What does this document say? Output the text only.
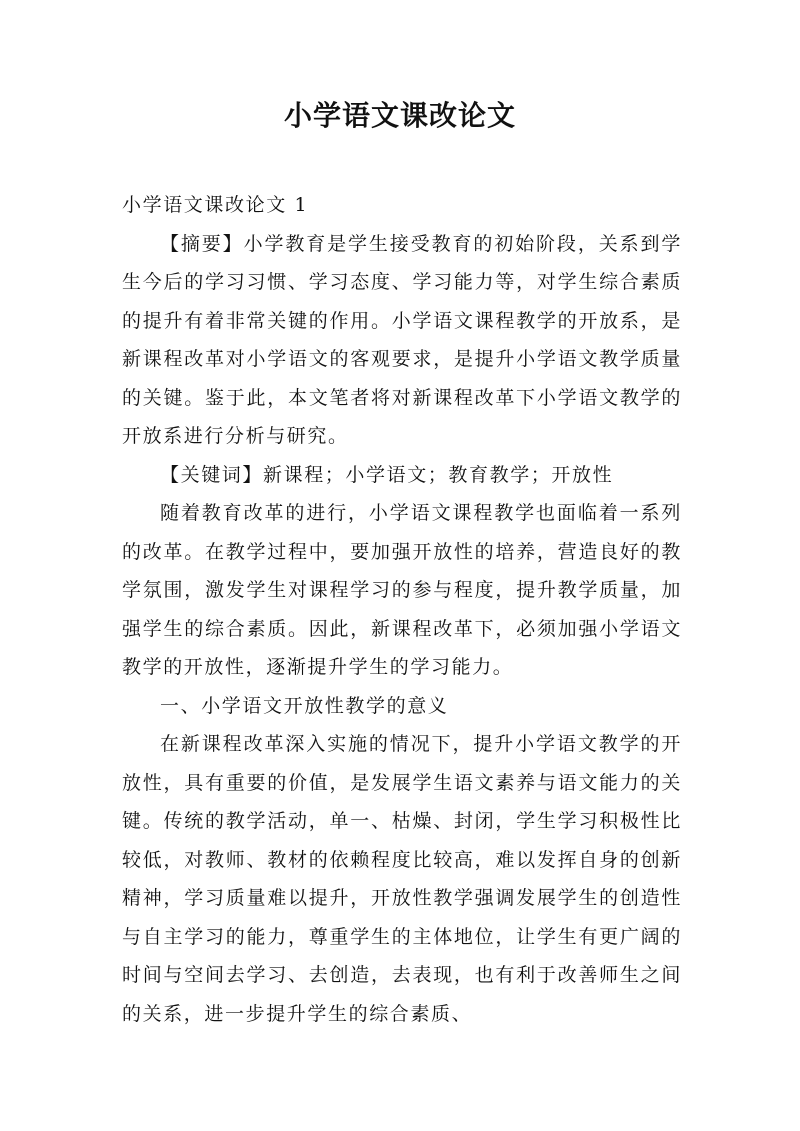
小学语文课改论文

小学语文课改论文 1

【摘要】小学教育是学生接受教育的初始阶段，关系到学生今后的学习习惯、学习态度、学习能力等，对学生综合素质的提升有着非常关键的作用。小学语文课程教学的开放系，是新课程改革对小学语文的客观要求，是提升小学语文教学质量的关键。鉴于此，本文笔者将对新课程改革下小学语文教学的开放系进行分析与研究。

【关键词】新课程；小学语文；教育教学；开放性

随着教育改革的进行，小学语文课程教学也面临着一系列的改革。在教学过程中，要加强开放性的培养，营造良好的教学氛围，激发学生对课程学习的参与程度，提升教学质量，加强学生的综合素质。因此，新课程改革下，必须加强小学语文教学的开放性，逐渐提升学生的学习能力。

一、小学语文开放性教学的意义

在新课程改革深入实施的情况下，提升小学语文教学的开放性，具有重要的价值，是发展学生语文素养与语文能力的关键。传统的教学活动，单一、枯燥、封闭，学生学习积极性比较低，对教师、教材的依赖程度比较高，难以发挥自身的创新精神，学习质量难以提升，开放性教学强调发展学生的创造性与自主学习的能力，尊重学生的主体地位，让学生有更广阔的时间与空间去学习、去创造，去表现，也有利于改善师生之间的关系，进一步提升学生的综合素质、
